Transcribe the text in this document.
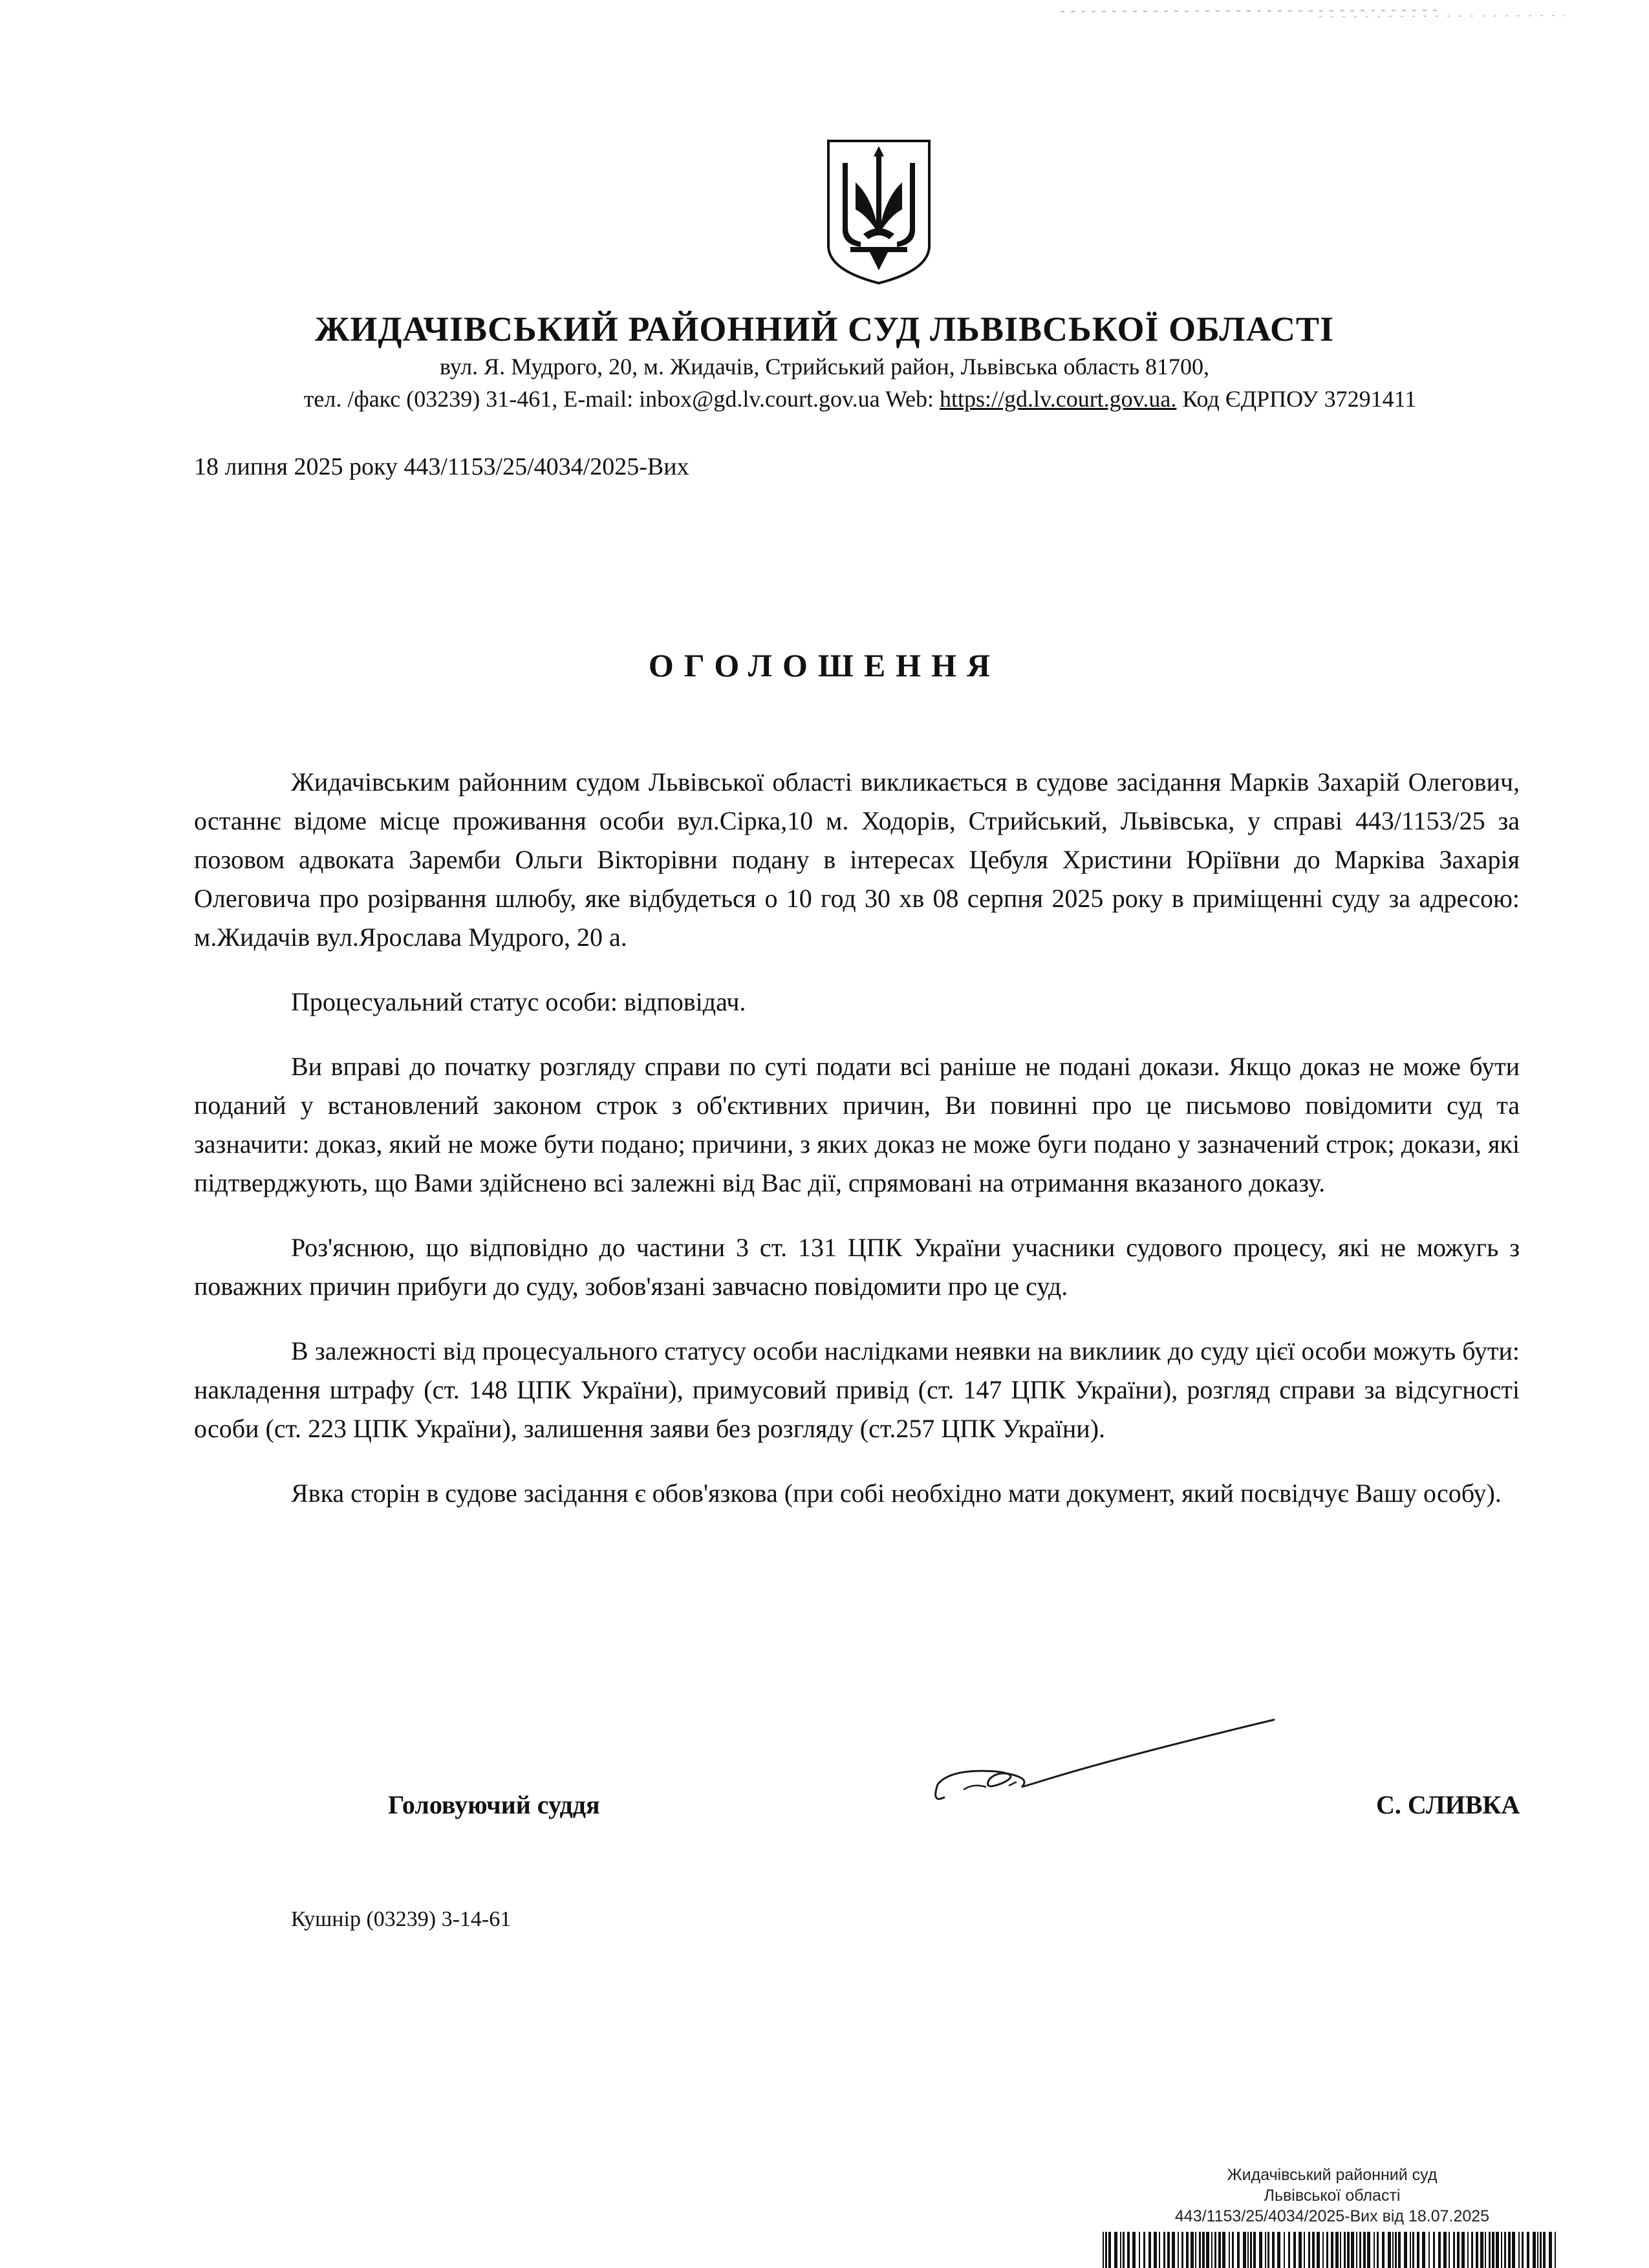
ЖИДАЧІВСЬКИЙ РАЙОННИЙ СУД ЛЬВІВСЬКОЇ ОБЛАСТІ
вул. Я. Мудрого, 20, м. Жидачів, Стрийський район, Львівська область 81700,
тел. /факс (03239) 31-461, E-mail: inbox@gd.lv.court.gov.ua Web: https://gd.lv.court.gov.ua. Код ЄДРПОУ 37291411
18 липня 2025 року 443/1153/25/4034/2025-Вих
ОГОЛОШЕННЯ

Жидачівським районним судом Львівської області викликається в судове засідання Марків Захарій Олегович, останнє відоме місце проживання особи вул.Сірка,10 м. Ходорів, Стрийський, Львівська, у справі 443/1153/25 за позовом адвоката Заремби Ольги Вікторівни подану в інтересах Цебуля Христини Юріївни до Марківа Захарія Олеговича про розірвання шлюбу, яке відбудеться о 10 год 30 хв 08 серпня 2025 року в приміщенні суду за адресою: м.Жидачів вул.Ярослава Мудрого, 20 а.

Процесуальний статус особи: відповідач.

Ви вправі до початку розгляду справи по суті подати всі раніше не подані докази. Якщо доказ не може бути поданий у встановлений законом строк з об'єктивних причин, Ви повинні про це письмово повідомити суд та зазначити: доказ, який не може бути подано; причини, з яких доказ не може буги подано у зазначений строк; докази, які підтверджують, що Вами здійснено всі залежні від Вас дії, спрямовані на отримання вказаного доказу.

Роз'яснюю, що відповідно до частини 3 ст. 131 ЦПК України учасники судового процесу, які не можугь з поважних причин прибуги до суду, зобов'язані завчасно повідомити про це суд.

В залежності від процесуального статусу особи наслідками неявки на виклиик до суду цієї особи можуть бути: накладення штрафу (ст. 148 ЦПК України), примусовий привід (ст. 147 ЦПК України), розгляд справи за відсугності особи (ст. 223 ЦПК України), залишення заяви без розгляду (ст.257 ЦПК України).

Явка сторін в судове засідання є обов'язкова (при собі необхідно мати документ, який посвідчує Вашу особу).

Головуючий суддя	С. СЛИВКА
Кушнір (03239) 3-14-61
Жидачівський районний суд
Львівської області
443/1153/25/4034/2025-Вих від 18.07.2025
